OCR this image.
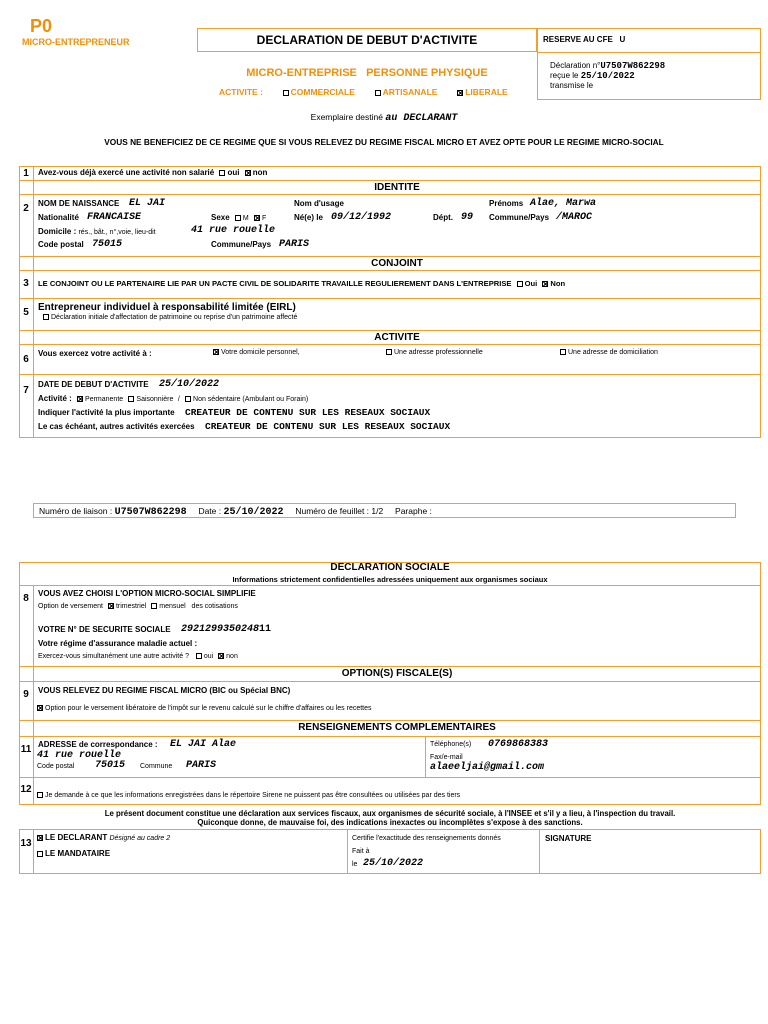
P0
MICRO-ENTREPRENEUR	DECLARATION DE DEBUT D'ACTIVITE	RESERVE AU CFE U
Déclaration n°U7507W862298
reçue le 25/10/2022
transmise le
MICRO-ENTREPRISE   PERSONNE PHYSIQUE
ACTIVITE :	COMMERCIALE	ARTISANALE	LIBERALE
Exemplaire destiné au DECLARANT
VOUS NE BENEFICIEZ DE CE REGIME QUE SI VOUS RELEVEZ DU REGIME FISCAL MICRO ET AVEZ OPTE POUR LE REGIME MICRO-SOCIAL
1	Avez-vous déjà exercé une activité non salarié oui non
IDENTITE
2	NOM DE NAISSANCE EL JAI	Nom d'usage	Prénoms Alae, Marwa
Nationalité FRANCAISE	Sexe M F	Né(e) le 09/12/1992	Dépt. 99 Commune/Pays /MAROC
Domicile : rés., bât., n°,voie, lieu-dit	41 rue rouelle
Code postal 75015	Commune/Pays PARIS
CONJOINT
3	LE CONJOINT OU LE PARTENAIRE LIE PAR UN PACTE CIVIL DE SOLIDARITE TRAVAILLE REGULIEREMENT DANS L'ENTREPRISE Oui Non
5 Entrepreneur individuel à responsabilité limitée (EIRL)
Déclaration initiale d'affectation de patrimoine ou reprise d'un patrimoine affecté
ACTIVITE
6
Vous exercez votre activité à :	Votre domicile personnel,	Une adresse professionnelle	Une adresse de domiciliation
7
DATE DE DEBUT D'ACTIVITE 25/10/2022
Activité : Permanente Saisonnière / Non sédentaire (Ambulant ou Forain)
Indiquer l'activité la plus importante CREATEUR DE CONTENU SUR LES RESEAUX SOCIAUX
Le cas échéant, autres activités exercées CREATEUR DE CONTENU SUR LES RESEAUX SOCIAUX
Numéro de liaison : U7507W862298 Date : 25/10/2022 Numéro de feuillet : 1/2 Paraphe :
DECLARATION SOCIALE
Informations strictement confidentielles adressées uniquement aux organismes sociaux
8	VOUS AVEZ CHOISI L'OPTION MICRO-SOCIAL SIMPLIFIE
Option de versement trimestriel mensuel des cotisations
VOTRE N° DE SECURITE SOCIALE 292129935024811
Votre régime d'assurance maladie actuel :
Exercez-vous simultanément une autre activité ? oui non
OPTION(S) FISCALE(S)
9	VOUS RELEVEZ DU REGIME FISCAL MICRO (BIC ou Spécial BNC)
Option pour le versement libératoire de l'impôt sur le revenu calculé sur le chiffre d'affaires ou les recettes
RENSEIGNEMENTS COMPLEMENTAIRES
11 ADRESSE de correspondance : EL JAI Alae
41 rue rouelle
Code postal 75015 Commune PARIS
Téléphone(s) 0769868383
Fax/e-mail
alaeeljai@gmail.com
12
Je demande à ce que les informations enregistrées dans le répertoire Sirene ne puissent pas être consultées ou utilisées par des tiers
Le présent document constitue une déclaration aux services fiscaux, aux organismes de sécurité sociale, à l'INSEE et s'il y a lieu, à l'inspection du travail.
Quiconque donne, de mauvaise foi, des indications inexactes ou incomplètes s'expose à des sanctions.
13
LE DECLARANT Désigné au cadre 2
LE MANDATAIRE
Certifie l'exactitude des renseignements donnés
Fait à
le 25/10/2022
SIGNATURE
